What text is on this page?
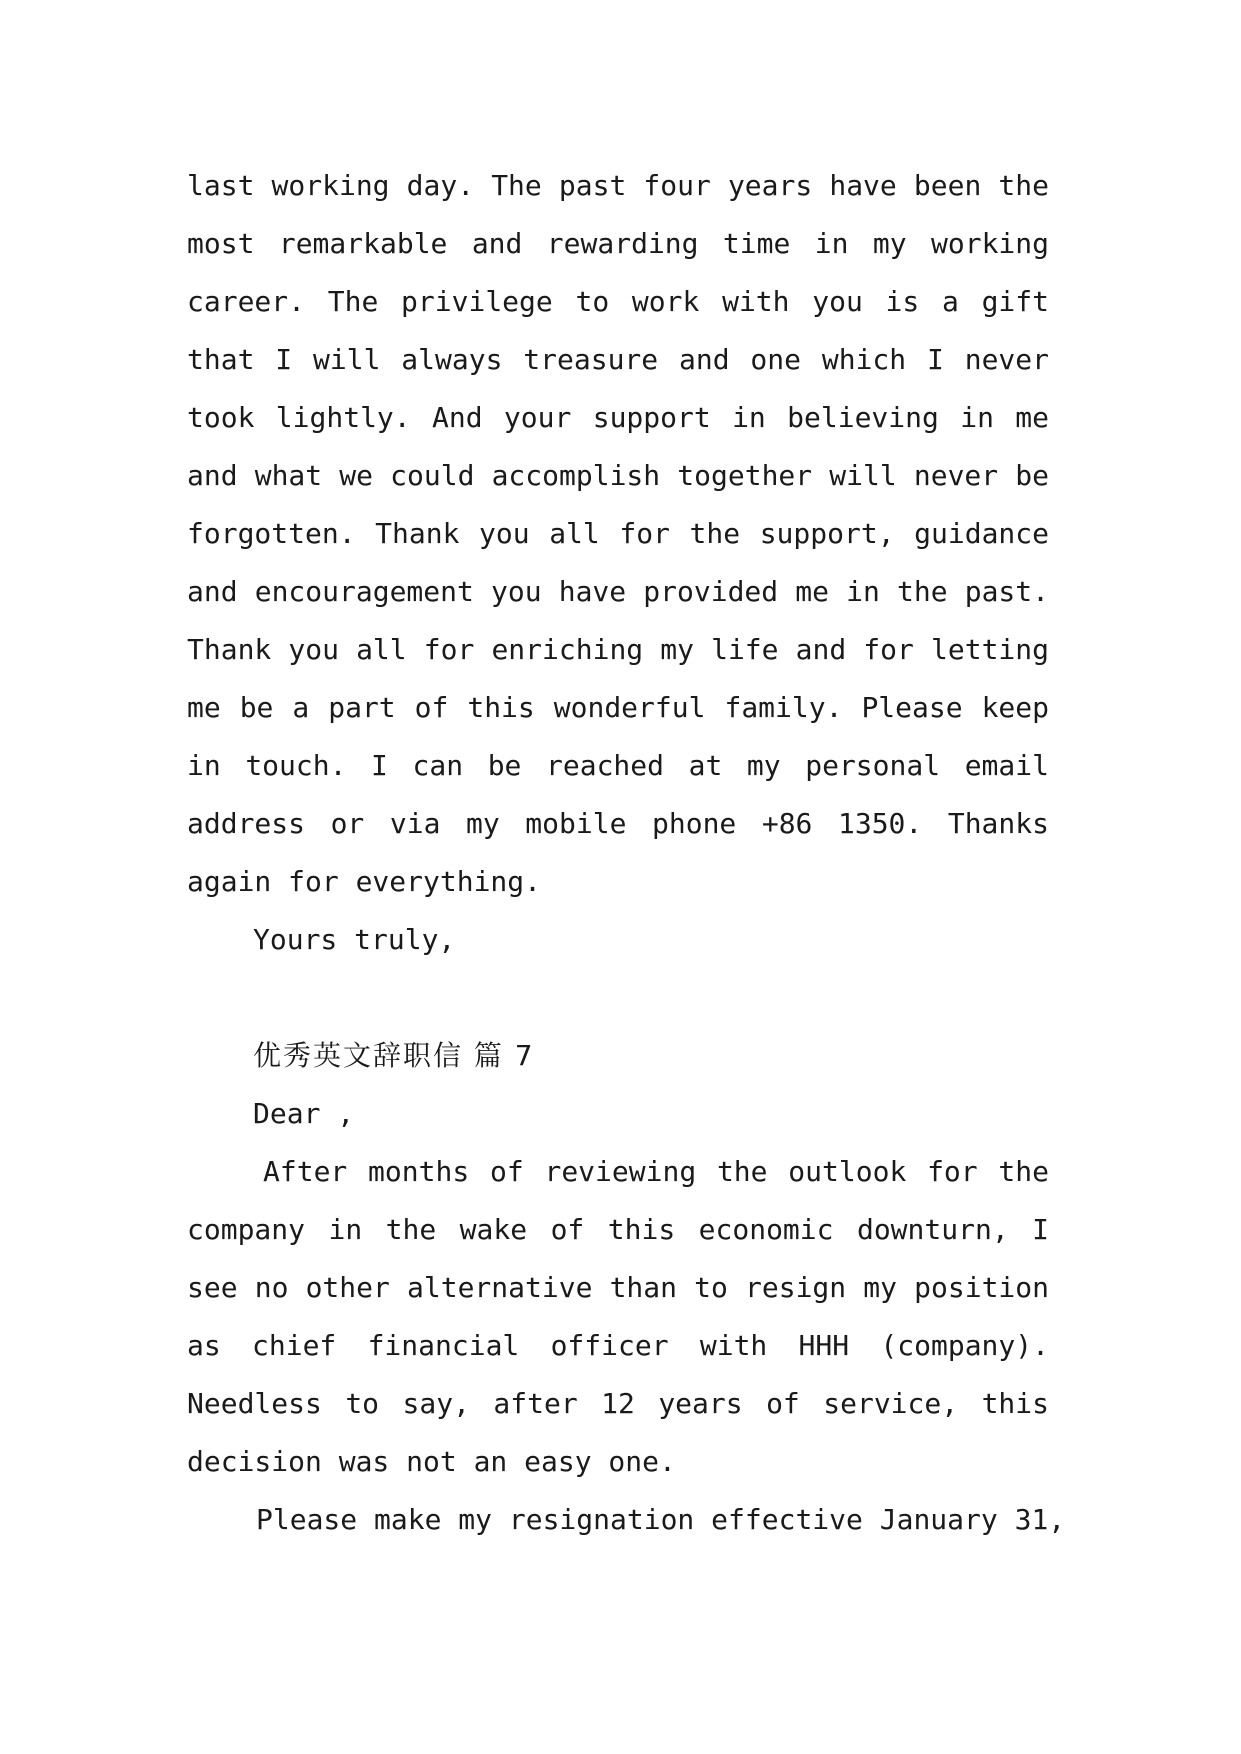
last working day. The past four years have been the
most remarkable and rewarding time in my working
career. The privilege to work with you is a gift
that I will always treasure and one which I never
took lightly. And your support in believing in me
and what we could accomplish together will never be
forgotten. Thank you all for the support, guidance
and encouragement you have provided me in the past.
Thank you all for enriching my life and for letting
me be a part of this wonderful family. Please keep
in touch. I can be reached at my personal email
address or via my mobile phone +86 1350. Thanks
again for everything.
Yours truly,
优秀英文辞职信 篇 7
Dear ,
After months of reviewing the outlook for the
company in the wake of this economic downturn, I
see no other alternative than to resign my position
as chief financial officer with HHH (company).
Needless to say, after 12 years of service, this
decision was not an easy one.
Please make my resignation effective January 31,
